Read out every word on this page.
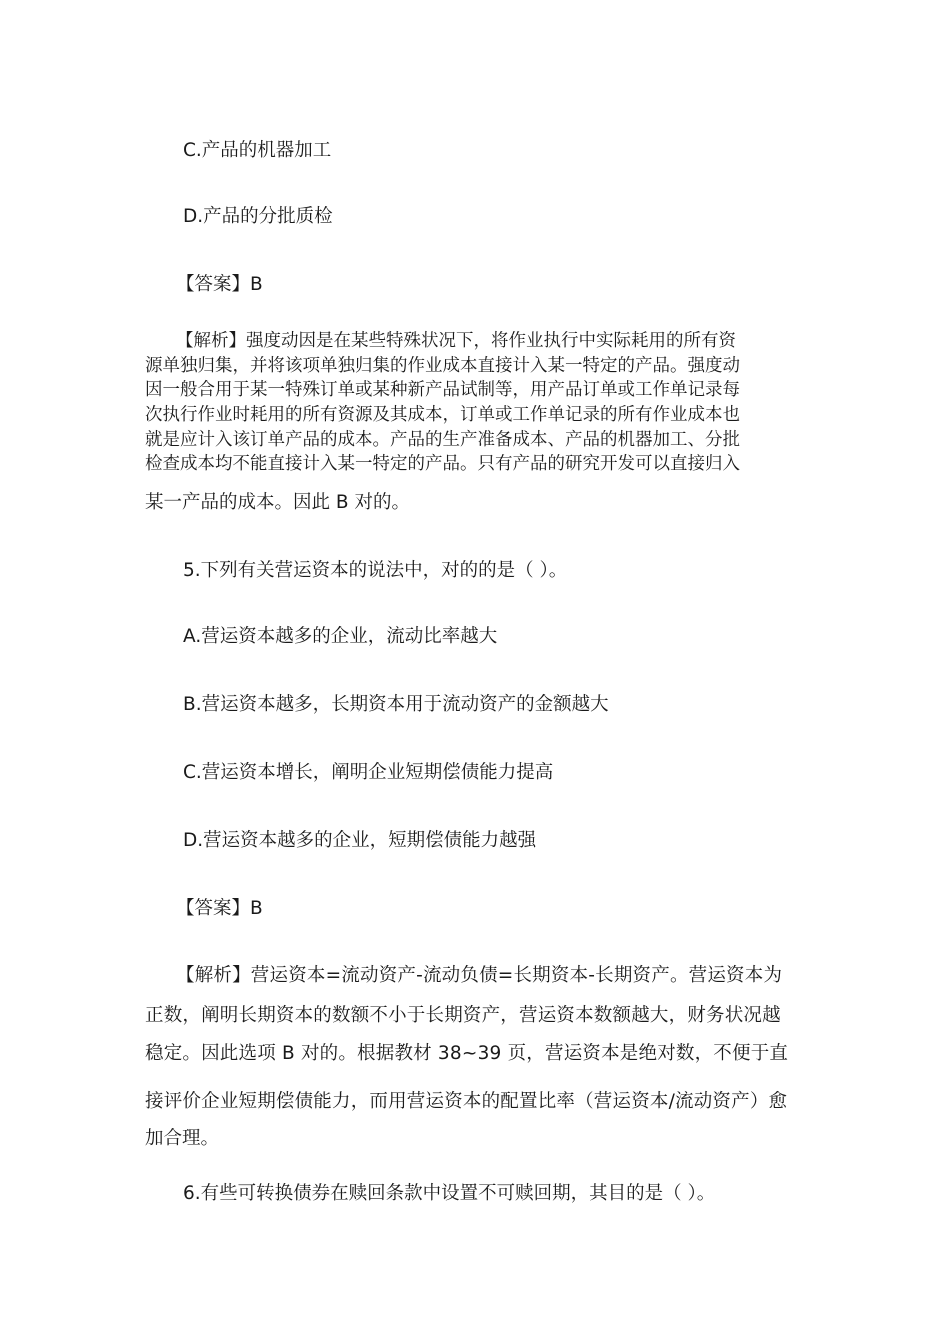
C.产品的机器加工
D.产品的分批质检
【答案】B
【解析】强度动因是在某些特殊状况下，将作业执行中实际耗用的所有资
源单独归集，并将该项单独归集的作业成本直接计入某一特定的产品。强度动
因一般合用于某一特殊订单或某种新产品试制等，用产品订单或工作单记录每
次执行作业时耗用的所有资源及其成本，订单或工作单记录的所有作业成本也
就是应计入该订单产品的成本。产品的生产准备成本、产品的机器加工、分批
检查成本均不能直接计入某一特定的产品。只有产品的研究开发可以直接归入
某一产品的成本。因此 B 对的。
5.下列有关营运资本的说法中，对的的是（ ）。
A.营运资本越多的企业，流动比率越大
B.营运资本越多，长期资本用于流动资产的金额越大
C.营运资本增长，阐明企业短期偿债能力提高
D.营运资本越多的企业，短期偿债能力越强
【答案】B
【解析】营运资本=流动资产-流动负债=长期资本-长期资产。营运资本为
正数，阐明长期资本的数额不小于长期资产，营运资本数额越大，财务状况越
稳定。因此选项 B 对的。根据教材 38~39 页，营运资本是绝对数，不便于直
接评价企业短期偿债能力，而用营运资本的配置比率（营运资本/流动资产）愈
加合理。
6.有些可转换债券在赎回条款中设置不可赎回期，其目的是（ ）。
